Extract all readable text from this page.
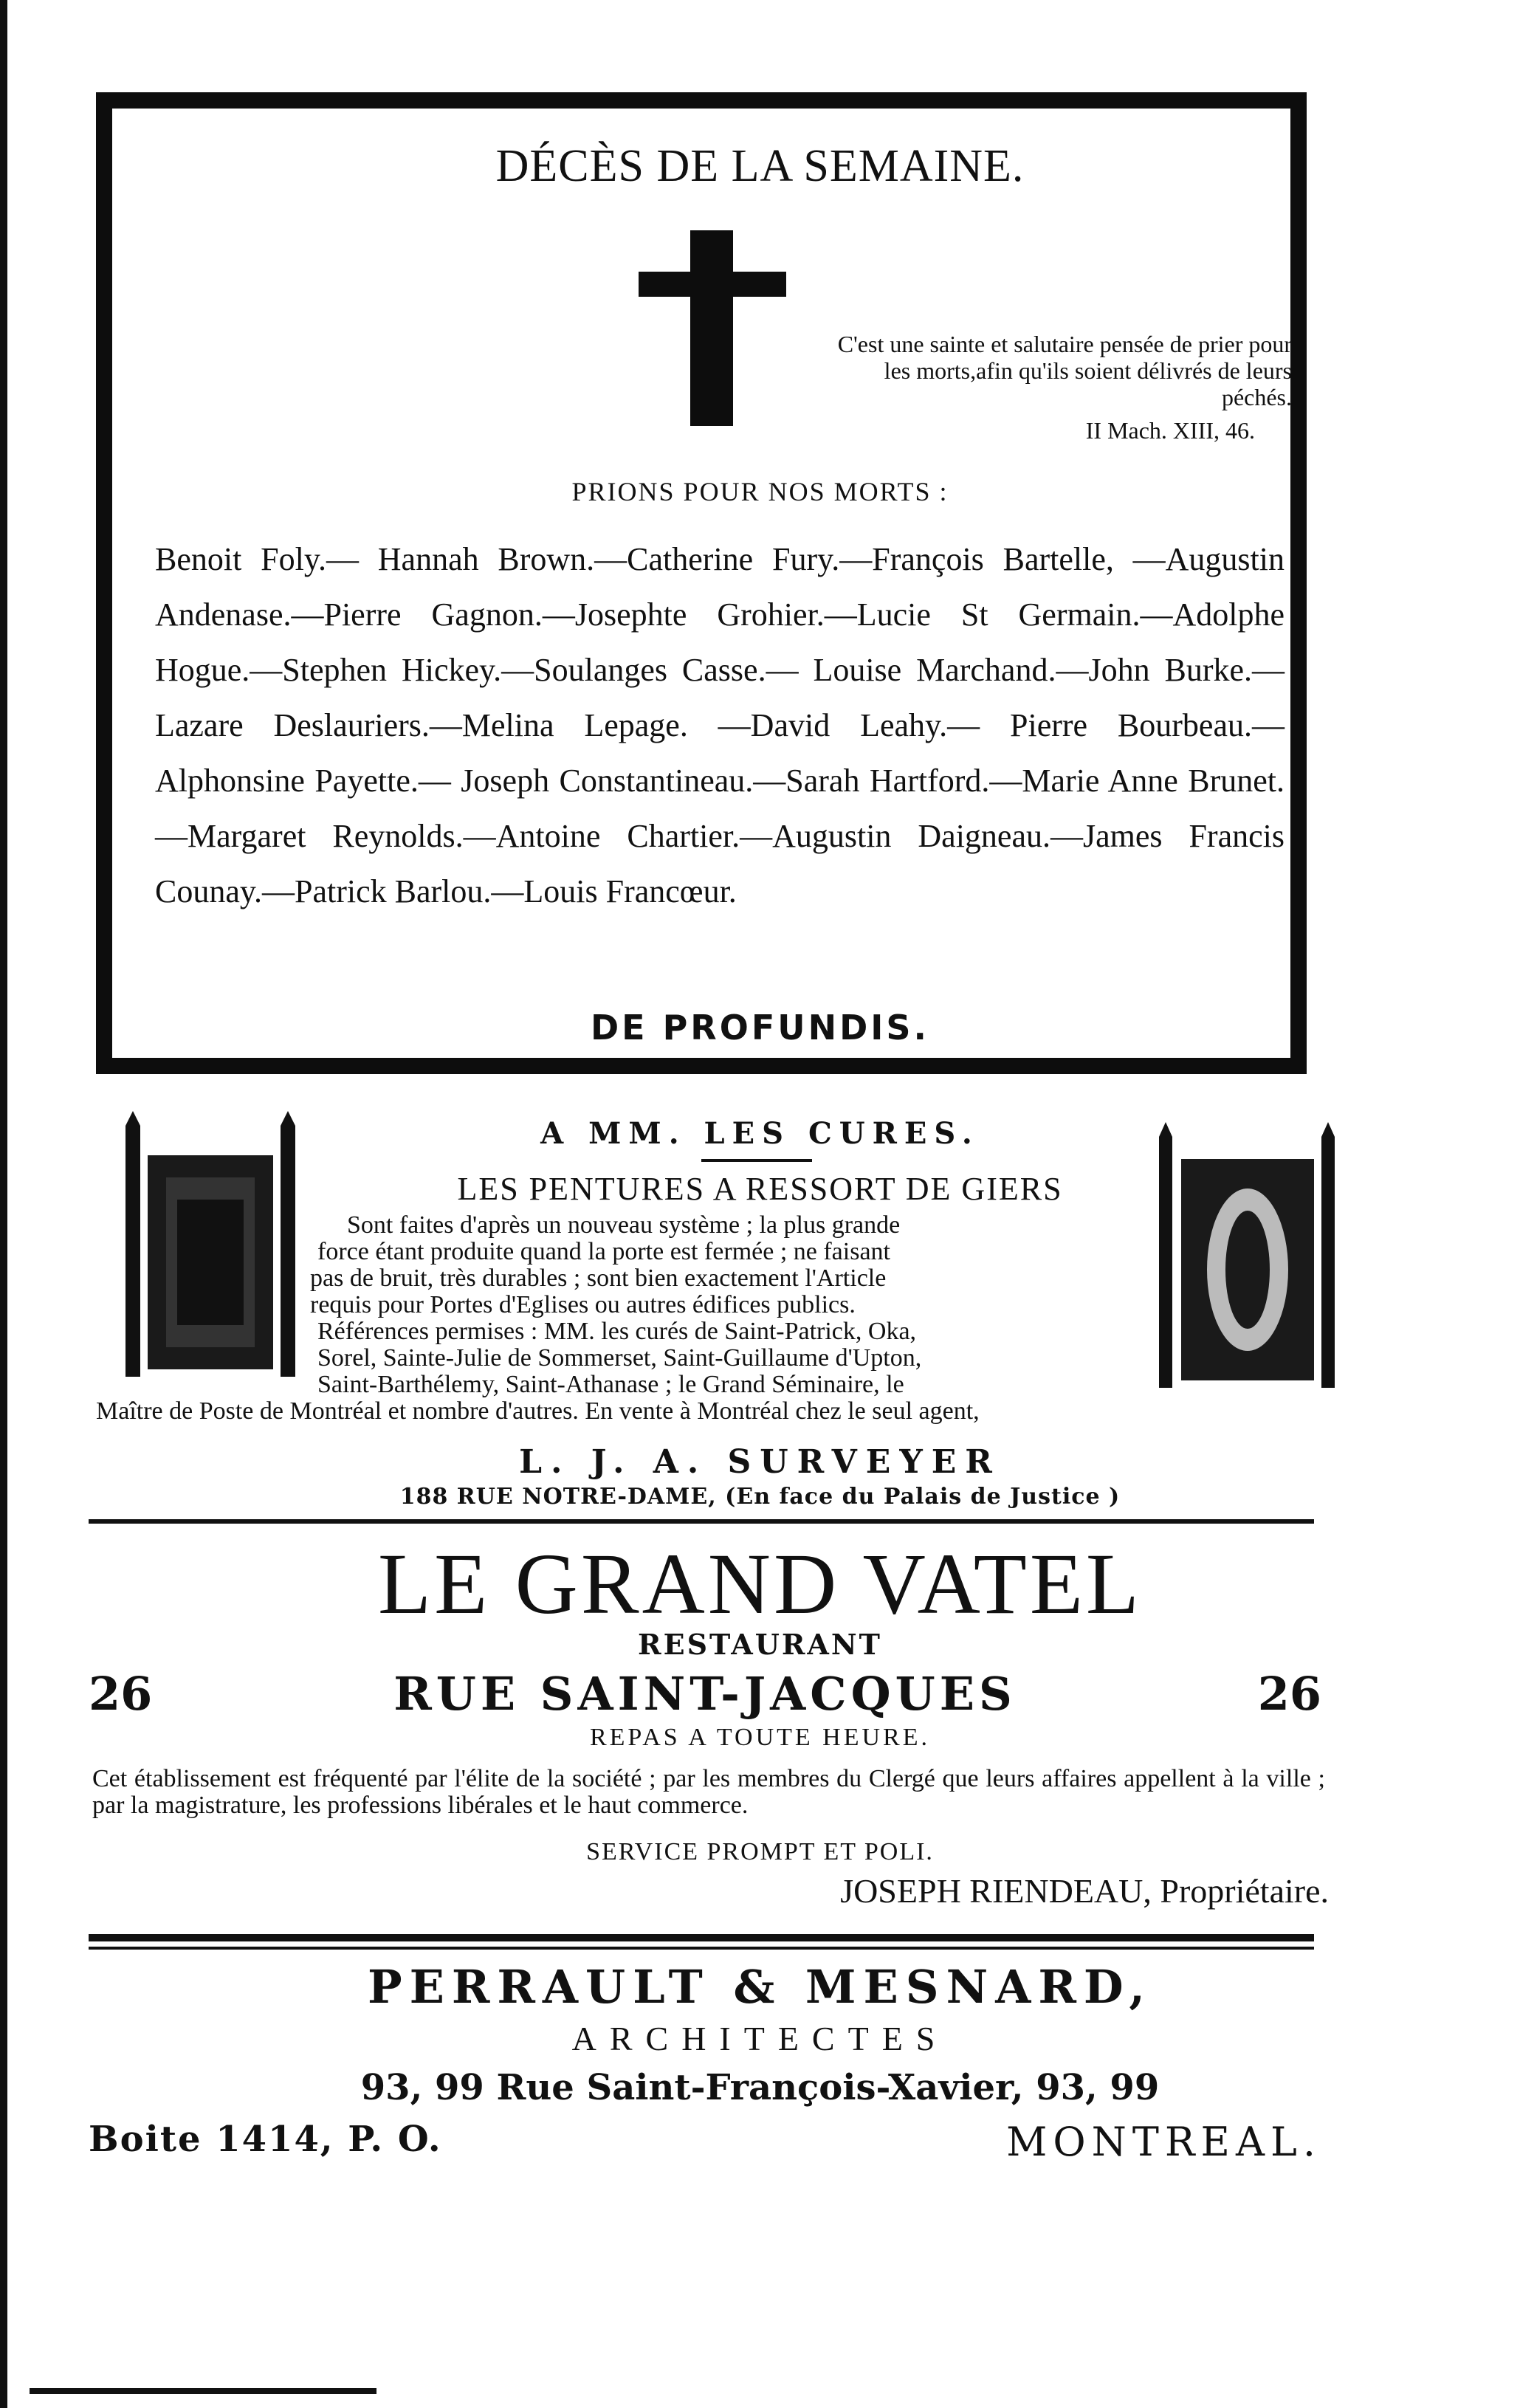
DÉCÈS DE LA SEMAINE.
C'est une sainte et salutaire pensée de prier pour les morts,afin qu'ils soient délivrés de leurs péchés.
II Mach. XIII, 46.
PRIONS POUR NOS MORTS :
Benoit Foly.— Hannah Brown.—Catherine Fury.—François Bartelle, —Augustin Andenase.—Pierre Gagnon.—Josephte Grohier.—Lucie St Germain.—Adolphe Hogue.—Stephen Hickey.—Soulanges Casse.— Louise Marchand.—John Burke.—Lazare Deslauriers.—Melina Lepage. —David Leahy.— Pierre Bourbeau.— Alphonsine Payette.— Joseph Constantineau.—Sarah Hartford.—Marie Anne Brunet.—Margaret Reynolds.—Antoine Chartier.—Augustin Daigneau.—James Francis Counay.—Patrick Barlou.—Louis Francœur.
DE PROFUNDIS.
A MM. LES CURES.
LES PENTURES A RESSORT DE GIERS
Sont faites d'après un nouveau système ; la plus grande
force étant produite quand la porte est fermée ; ne faisant
pas de bruit, très durables ; sont bien exactement l'Article
requis pour Portes d'Eglises ou autres édifices publics.
Références permises : MM. les curés de Saint-Patrick, Oka,
Sorel, Sainte-Julie de Sommerset, Saint-Guillaume d'Upton,
Saint-Barthélemy, Saint-Athanase ; le Grand Séminaire, le
Maître de Poste de Montréal et nombre d'autres. En vente à Montréal chez le seul agent,
L. J. A. SURVEYER
188 RUE NOTRE-DAME, (En face du Palais de Justice )
LE GRAND VATEL
RESTAURANT
26	RUE SAINT-JACQUES	26
REPAS A TOUTE HEURE.
Cet établissement est fréquenté par l'élite de la société ; par les membres du Clergé que leurs affaires appellent à la ville ; par la magistrature, les professions libérales et le haut commerce.
SERVICE PROMPT ET POLI.
JOSEPH RIENDEAU, Propriétaire.
PERRAULT & MESNARD,
ARCHITECTES
93, 99 Rue Saint-François-Xavier, 93, 99
Boite 1414, P. O.	MONTREAL.
